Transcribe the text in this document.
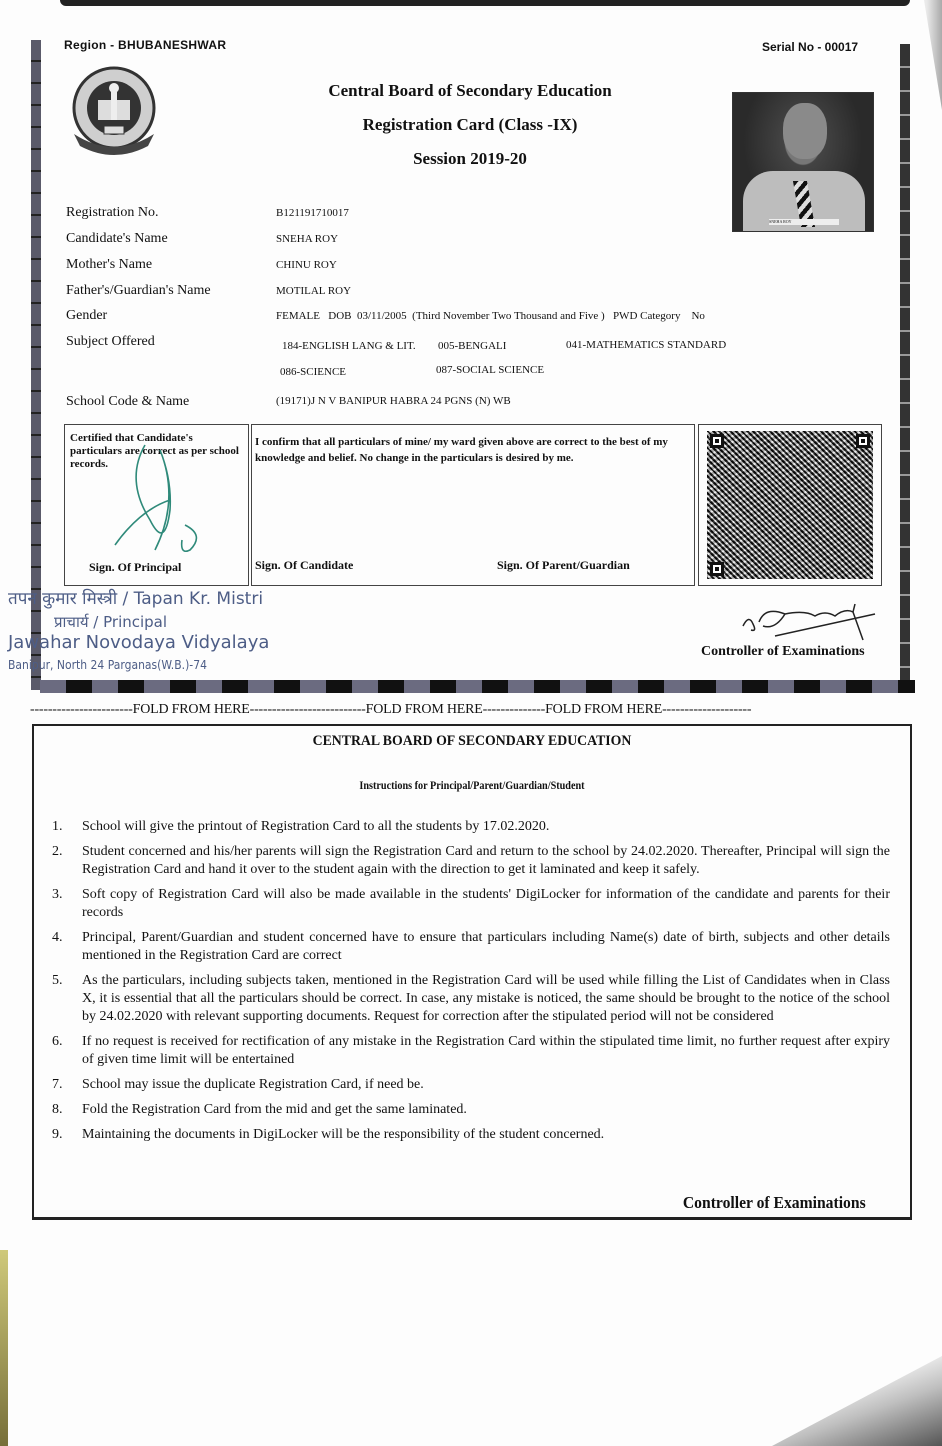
Region - BHUBANESHWAR	Serial No - 00017
Central Board of Secondary Education
Registration Card (Class -IX)
Session 2019-20
SNEHA ROY
Registration No.	B121191710017
Candidate's Name	SNEHA ROY
Mother's Name	CHINU ROY
Father's/Guardian's Name	MOTILAL ROY
Gender	FEMALE   DOB  03/11/2005  (Third November Two Thousand and Five )   PWD Category    No
Subject Offered	184-ENGLISH LANG & LIT. 005-BENGALI	041-MATHEMATICS STANDARD
086-SCIENCE	087-SOCIAL SCIENCE
School Code & Name	(19171)J N V BANIPUR HABRA 24 PGNS (N) WB
Certified that Candidate's particulars are correct as per school records.
Sign. Of Principal
I confirm that all particulars of mine/ my ward given above are correct to the best of my knowledge and belief. No change in the particulars is desired by me.
Sign. Of Candidate	Sign. Of Parent/Guardian
तपन कुमार मिस्त्री / Tapan Kr. Mistri
प्राचार्य / Principal
Jawahar Novodaya Vidyalaya
Banipur, North 24 Parganas(W.B.)-74
Controller of Examinations
-----------------------FOLD FROM HERE--------------------------FOLD FROM HERE--------------FOLD FROM HERE--------------------
CENTRAL BOARD OF SECONDARY EDUCATION
Instructions for Principal/Parent/Guardian/Student
1. School will give the printout of Registration Card to all the students by 17.02.2020.
2. Student concerned and his/her parents will sign the Registration Card and return to the school by 24.02.2020. Thereafter, Principal will sign the Registration Card and hand it over to the student again with the direction to get it laminated and keep it safely.
3. Soft copy of Registration Card will also be made available in the students' DigiLocker for information of the candidate and parents for their records
4. Principal, Parent/Guardian and student concerned have to ensure that particulars including Name(s) date of birth, subjects and other details mentioned in the Registration Card are correct
5. As the particulars, including subjects taken, mentioned in the Registration Card will be used while filling the List of Candidates when in Class X, it is essential that all the particulars should be correct. In case, any mistake is noticed, the same should be brought to the notice of the school by 24.02.2020 with relevant supporting documents. Request for correction after the stipulated period will not be considered
6. If no request is received for rectification of any mistake in the Registration Card within the stipulated time limit, no further request after expiry of given time limit will be entertained
7. School may issue the duplicate Registration Card, if need be.
8. Fold the Registration Card from the mid and get the same laminated.
9. Maintaining the documents in DigiLocker will be the responsibility of the student concerned.
Controller of Examinations
